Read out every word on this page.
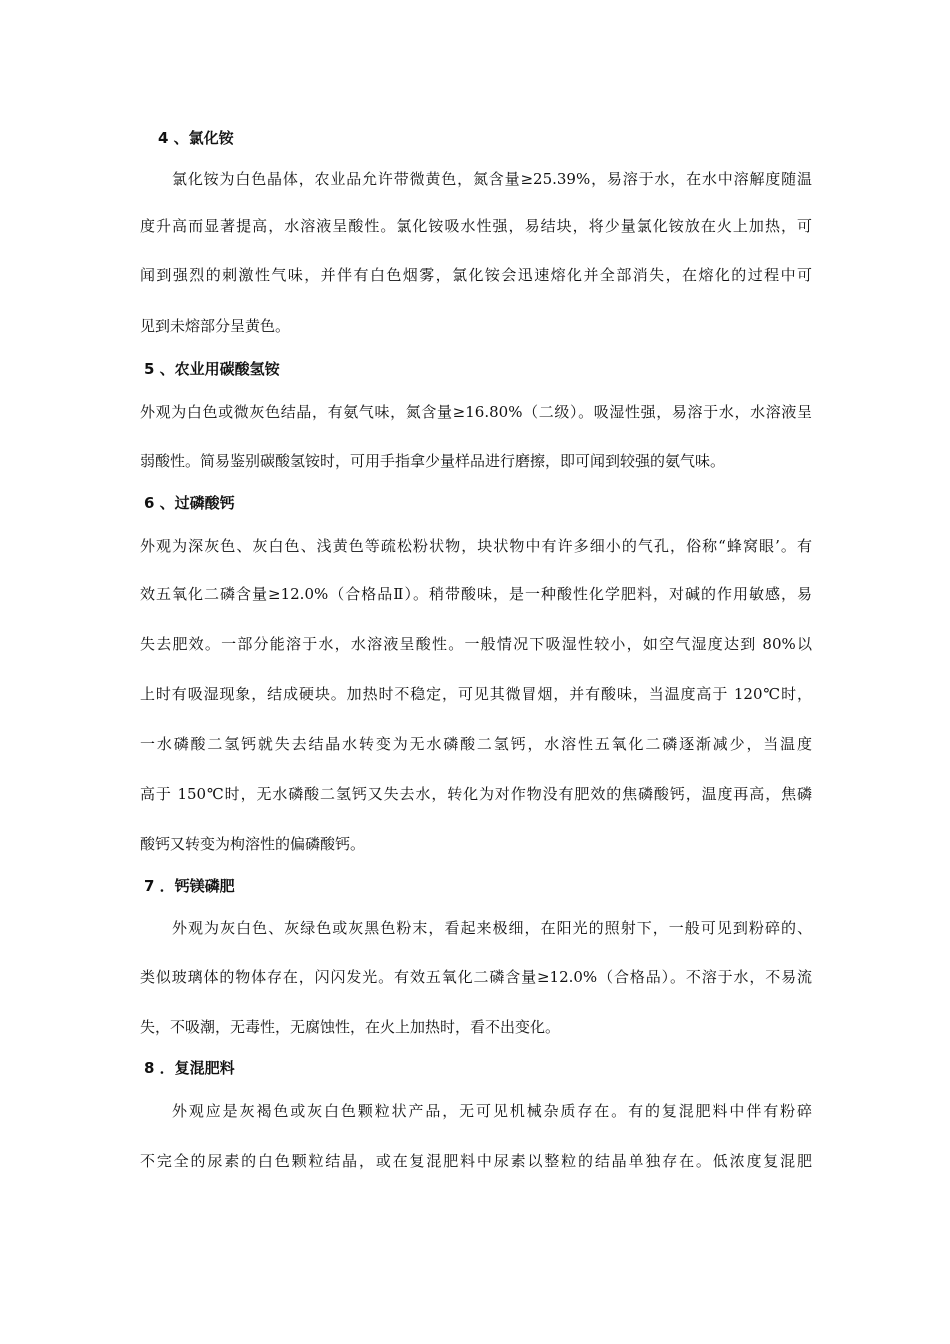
4 、氯化铵

氯化铵为白色晶体，农业品允许带微黄色，氮含量≥25.39%，易溶于水，在水中溶解度随温

度升高而显著提高，水溶液呈酸性。氯化铵吸水性强，易结块，将少量氯化铵放在火上加热，可

闻到强烈的刺激性气味，并伴有白色烟雾，氯化铵会迅速熔化并全部消失，在熔化的过程中可

见到未熔部分呈黄色。

5 、农业用碳酸氢铵

外观为白色或微灰色结晶，有氨气味，氮含量≥16.80%（二级）。吸湿性强，易溶于水，水溶液呈

弱酸性。简易鉴别碳酸氢铵时，可用手指拿少量样品进行磨擦，即可闻到较强的氨气味。

6 、过磷酸钙

外观为深灰色、灰白色、浅黄色等疏松粉状物，块状物中有许多细小的气孔，俗称“蜂窝眼’。有

效五氧化二磷含量≥12.0%（合格品Ⅱ）。稍带酸味，是一种酸性化学肥料，对碱的作用敏感，易

失去肥效。一部分能溶于水，水溶液呈酸性。一般情况下吸湿性较小，如空气湿度达到 80%以

上时有吸湿现象，结成硬块。加热时不稳定，可见其微冒烟，并有酸味，当温度高于 120℃时，

一水磷酸二氢钙就失去结晶水转变为无水磷酸二氢钙，水溶性五氧化二磷逐渐减少，当温度

高于 150℃时，无水磷酸二氢钙又失去水，转化为对作物没有肥效的焦磷酸钙，温度再高，焦磷

酸钙又转变为枸溶性的偏磷酸钙。

7 ．钙镁磷肥

外观为灰白色、灰绿色或灰黑色粉末，看起来极细，在阳光的照射下，一般可见到粉碎的、

类似玻璃体的物体存在，闪闪发光。有效五氧化二磷含量≥12.0%（合格品）。不溶于水，不易流

失，不吸潮，无毒性，无腐蚀性，在火上加热时，看不出变化。

8 ．复混肥料

外观应是灰褐色或灰白色颗粒状产品，无可见机械杂质存在。有的复混肥料中伴有粉碎

不完全的尿素的白色颗粒结晶，或在复混肥料中尿素以整粒的结晶单独存在。低浓度复混肥
